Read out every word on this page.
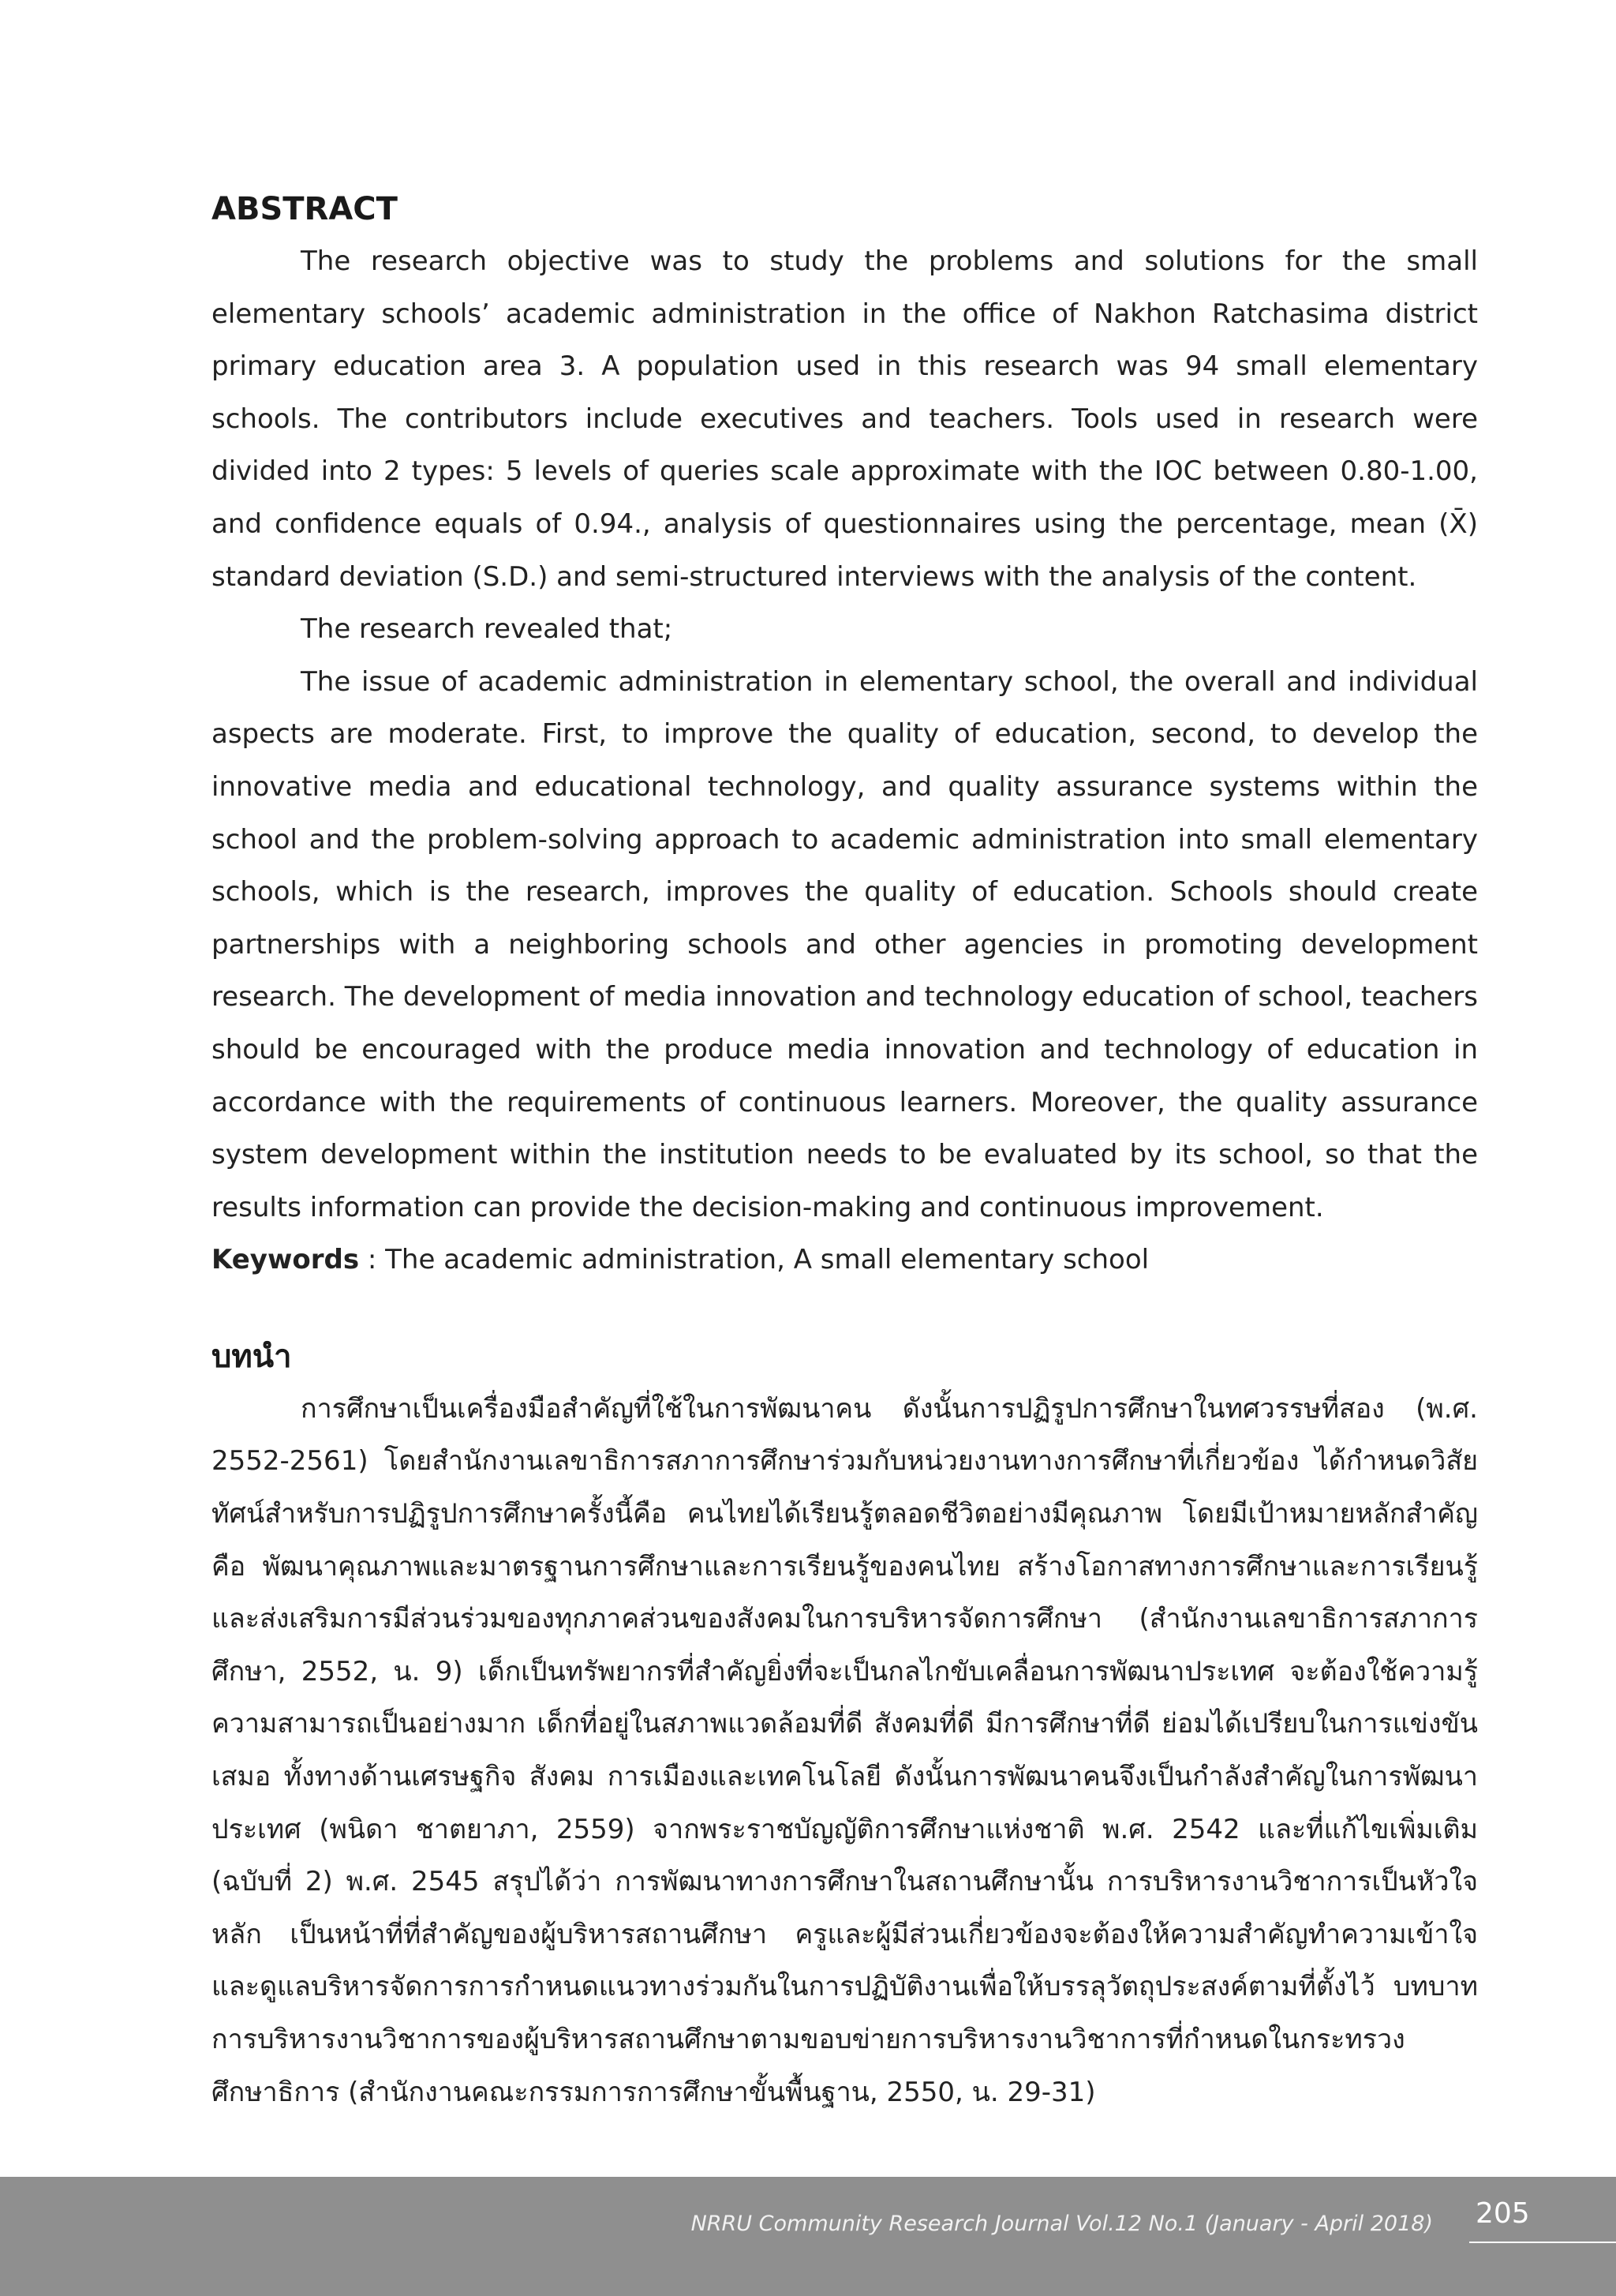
ABSTRACT

The research objective was to study the problems and solutions for the small elementary schools’ academic administration in the office of Nakhon Ratchasima district primary education area 3. A population used in this research was 94 small elementary schools. The contributors include executives and teachers. Tools used in research were divided into 2 types: 5 levels of queries scale approximate with the IOC between 0.80-1.00, and confidence equals of 0.94., analysis of questionnaires using the percentage, mean (X̄) standard deviation (S.D.) and semi-structured interviews with the analysis of the content.

The research revealed that;

The issue of academic administration in elementary school, the overall and individual aspects are moderate. First, to improve the quality of education, second, to develop the innovative media and educational technology, and quality assurance systems within the school and the problem-solving approach to academic administration into small elementary schools, which is the research, improves the quality of education. Schools should create partnerships with a neighboring schools and other agencies in promoting development research. The development of media innovation and technology education of school, teachers should be encouraged with the produce media innovation and technology of education in accordance with the requirements of continuous learners. Moreover, the quality assurance system development within the institution needs to be evaluated by its school, so that the results information can provide the decision-making and continuous improvement.

Keywords : The academic administration, A small elementary school

บทนำ

การศึกษาเป็นเครื่องมือสำคัญที่ใช้ในการพัฒนาคน ดังนั้นการปฏิรูปการศึกษาในทศวรรษที่สอง (พ.ศ. 2552-2561) โดยสำนักงานเลขาธิการสภาการศึกษาร่วมกับหน่วยงานทางการศึกษาที่เกี่ยวข้อง ได้กำหนดวิสัยทัศน์สำหรับการปฏิรูปการศึกษาครั้งนี้คือ คนไทยได้เรียนรู้ตลอดชีวิตอย่างมีคุณภาพ โดยมีเป้าหมายหลักสำคัญคือ พัฒนาคุณภาพและมาตรฐานการศึกษาและการเรียนรู้ของคนไทย สร้างโอกาสทางการศึกษาและการเรียนรู้ และส่งเสริมการมีส่วนร่วมของทุกภาคส่วนของสังคมในการบริหารจัดการศึกษา (สำนักงานเลขาธิการสภาการศึกษา, 2552, น. 9) เด็กเป็นทรัพยากรที่สำคัญยิ่งที่จะเป็นกลไกขับเคลื่อนการพัฒนาประเทศ จะต้องใช้ความรู้ ความสามารถเป็นอย่างมาก เด็กที่อยู่ในสภาพแวดล้อมที่ดี สังคมที่ดี มีการศึกษาที่ดี ย่อมได้เปรียบในการแข่งขันเสมอ ทั้งทางด้านเศรษฐกิจ สังคม การเมืองและเทคโนโลยี ดังนั้นการพัฒนาคนจึงเป็นกำลังสำคัญในการพัฒนาประเทศ (พนิดา ชาตยาภา, 2559) จากพระราชบัญญัติการศึกษาแห่งชาติ พ.ศ. 2542 และที่แก้ไขเพิ่มเติม (ฉบับที่ 2) พ.ศ. 2545 สรุปได้ว่า การพัฒนาทางการศึกษาในสถานศึกษานั้น การบริหารงานวิชาการเป็นหัวใจหลัก เป็นหน้าที่ที่สำคัญของผู้บริหารสถานศึกษา ครูและผู้มีส่วนเกี่ยวข้องจะต้องให้ความสำคัญทำความเข้าใจ และดูแลบริหารจัดการการกำหนดแนวทางร่วมกันในการปฏิบัติงานเพื่อให้บรรลุวัตถุประสงค์ตามที่ตั้งไว้ บทบาทการบริหารงานวิชาการของผู้บริหารสถานศึกษาตามขอบข่ายการบริหารงานวิชาการที่กำหนดในกระทรวงศึกษาธิการ (สำนักงานคณะกรรมการการศึกษาขั้นพื้นฐาน, 2550, น. 29-31)

NRRU Community Research Journal Vol.12 No.1 (January - April 2018) 205
